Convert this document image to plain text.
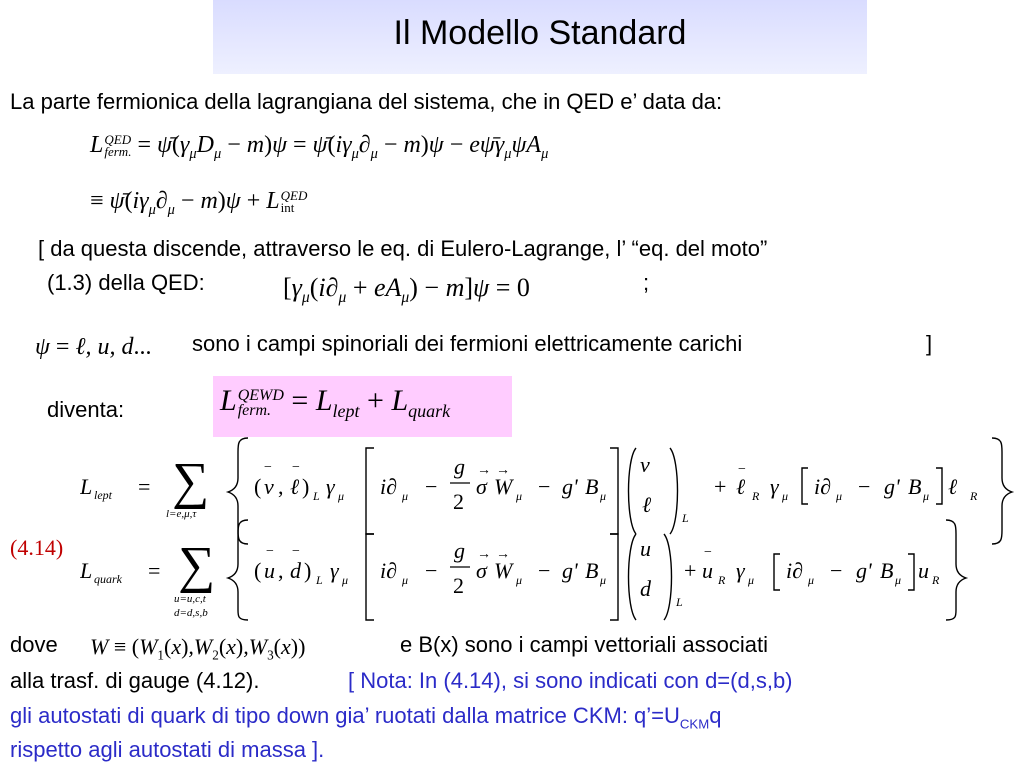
Il Modello Standard
La parte fermionica della lagrangiana del sistema, che in QED e’ data da:
L QED
ferm. = $\psī(\gamma_\mu D_\mu - m)\psi$ = $\psī(i\gamma_\mu\partial_\mu - m)\psi$ − $e\psī\gamma_\mu\psi A_\mu$
≡ $\psī(i\gamma_\mu\partial_\mu - m)\psi + L$ QED
int
[ da questa discende, attraverso le eq. di Eulero-Lagrange, l’ “eq. del moto”
(1.3) della QED:	$[\gamma_\mu(i\partial_\mu + eA_\mu) - m]\psi = 0$	;
ψ = ℓ, u, d... sono i campi spinoriali dei fermioni elettricamente carichi	]
diventa:	L QEWD
ferm. = $L_{lept} + L_{quark}$
L lept = ∑
l=e,μ,τ
( ν
−
, ℓ
−
) L γ μ i∂ μ −
g
2
σ
→
W
→
μ − g' B μ
ν
ℓ
L
+ ℓ
−
R γ μ i∂ μ − g' B μ ℓ R
L quark = ∑
u=u,c,t
d=d,s,b
( u
−
, d
−
) L γ μ i∂ μ −
g
2
σ
→
W
→
μ − g' B μ
u
d
L
+ u
−
R γ μ i∂ μ − g' B μ u R
(4.14)
dove $W \equiv (W_1(x),W_2(x),W_3(x))$	e B(x) sono i campi vettoriali associati
alla trasf. di gauge (4.12).	[ Nota: In (4.14), si sono indicati con d=(d,s,b)
gli autostati di quark di tipo down gia’ ruotati dalla matrice CKM: $q’=U_{CKM}q$
rispetto agli autostati di massa ].
